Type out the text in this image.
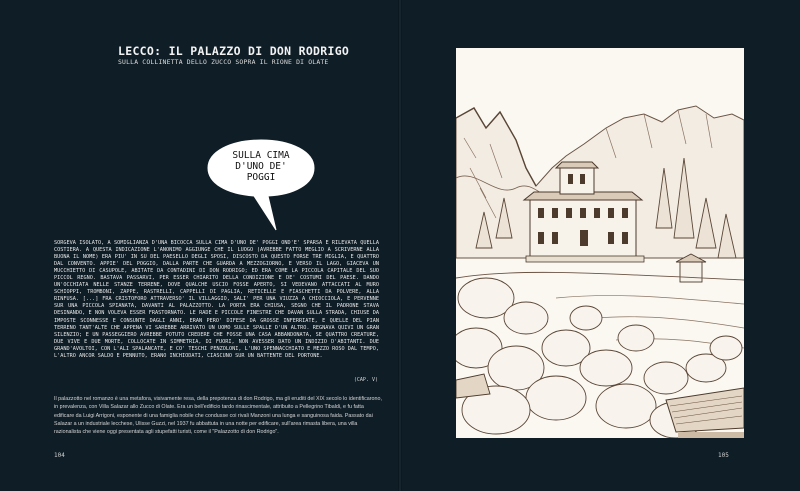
LECCO: IL PALAZZO DI DON RODRIGO
SULLA COLLINETTA DELLO ZUCCO SOPRA IL RIONE DI OLATE
SULLA CIMA D'UNO DE' POGGI
SORGEVA ISOLATO, A SOMIGLIANZA D'UNA BICOCCA SULLA CIMA D'UNO DE' POGGI OND'E' SPARSA E RILEVATA QUELLA COSTIERA. A QUESTA INDICAZIONE L'ANONIMO AGGIUNGE CHE IL LUOGO (AVREBBE FATTO MEGLIO A SCRIVERNE ALLA BUONA IL NOME) ERA PIU' IN SU DEL PAESELLO DEGLI SPOSI, DISCOSTO DA QUESTO FORSE TRE MIGLIA, E QUATTRO DAL CONVENTO. APPIE' DEL POGGIO, DALLA PARTE CHE GUARDA A MEZZOGIORNO, E VERSO IL LAGO, GIACEVA UN MUCCHIETTO DI CASUPOLE, ABITATE DA CONTADINI DI DON RODRIGO; ED ERA COME LA PICCOLA CAPITALE DEL SUO PICCOL REGNO. BASTAVA PASSARVI, PER ESSER CHIARITO DELLA CONDIZIONE E DE' COSTUMI DEL PAESE. DANDO UN'OCCHIATA NELLE STANZE TERRENE, DOVE QUALCHE USCIO FOSSE APERTO, SI VEDEVANO ATTACCATI AL MURO SCHIOPPI, TROMBONI, ZAPPE, RASTRELLI, CAPPELLI DI PAGLIA, RETICELLE E FIASCHETTI DA POLVERE, ALLA RINFUSA. [...] FRA CRISTOFORO ATTRAVERSO' IL VILLAGGIO, SALI' PER UNA VIUZZA A CHIOCCIOLA, E PERVENNE SUR UNA PICCOLA SPIANATA, DAVANTI AL PALAZZOTTO. LA PORTA ERA CHIUSA, SEGNO CHE IL PADRONE STAVA DESINANDO, E NON VOLEVA ESSER FRASTORNATO. LE RADE E PICCOLE FINESTRE CHE DAVAN SULLA STRADA, CHIUSE DA IMPOSTE SCONNESSE E CONSUNTE DAGLI ANNI, ERAN PERO' DIFESE DA GROSSE INFERRIATE, E QUELLE DEL PIAN TERRENO TANT'ALTE CHE APPENA VI SAREBBE ARRIVATO UN UOMO SULLE SPALLE D'UN ALTRO. REGNAVA QUIVI UN GRAN SILENZIO; E UN PASSEGGIERO AVREBBE POTUTO CREDERE CHE FOSSE UNA CASA ABBANDONATA, SE QUATTRO CREATURE, DUE VIVE E DUE MORTE, COLLOCATE IN SIMMETRIA, DI FUORI, NON AVESSER DATO UN INDIZIO D'ABITANTI. DUE GRAND'AVOLTOI, CON L'ALI SPALANCATE, E CO' TESCHI PENZOLONI, L'UNO SPENNACCHIATO E MEZZO ROSO DAL TEMPO, L'ALTRO ANCOR SALDO E PENNUTO, ERANO INCHIODATI, CIASCUNO SUR UN BATTENTE DEL PORTONE.
(CAP. V)
Il palazzotto nel romanzo è una metafora, visivamente resa, della prepotenza di don Rodrigo, ma gli eruditi del XIX secolo lo identificarono, in prevalenza, con Villa Salazar allo Zucco di Olate. Era un bell'edificio tardo rinascimentale, attribuito a Pellegrino Tibaldi, e fu fatta edificare da Luigi Arrigoni, esponente di una famiglia nobile che condusse coi rivali Manzoni una lunga e sanguinosa faida. Passato dai Salazar a un industriale lecchese, Ulisse Guzzi, nel 1937 fu abbattuta in una notte per edificare, sull'area rimasta libera, una villa razionalista che viene oggi presentata agli stupefatti turisti, come il "Palazzotto di don Rodrigo".
104	105
